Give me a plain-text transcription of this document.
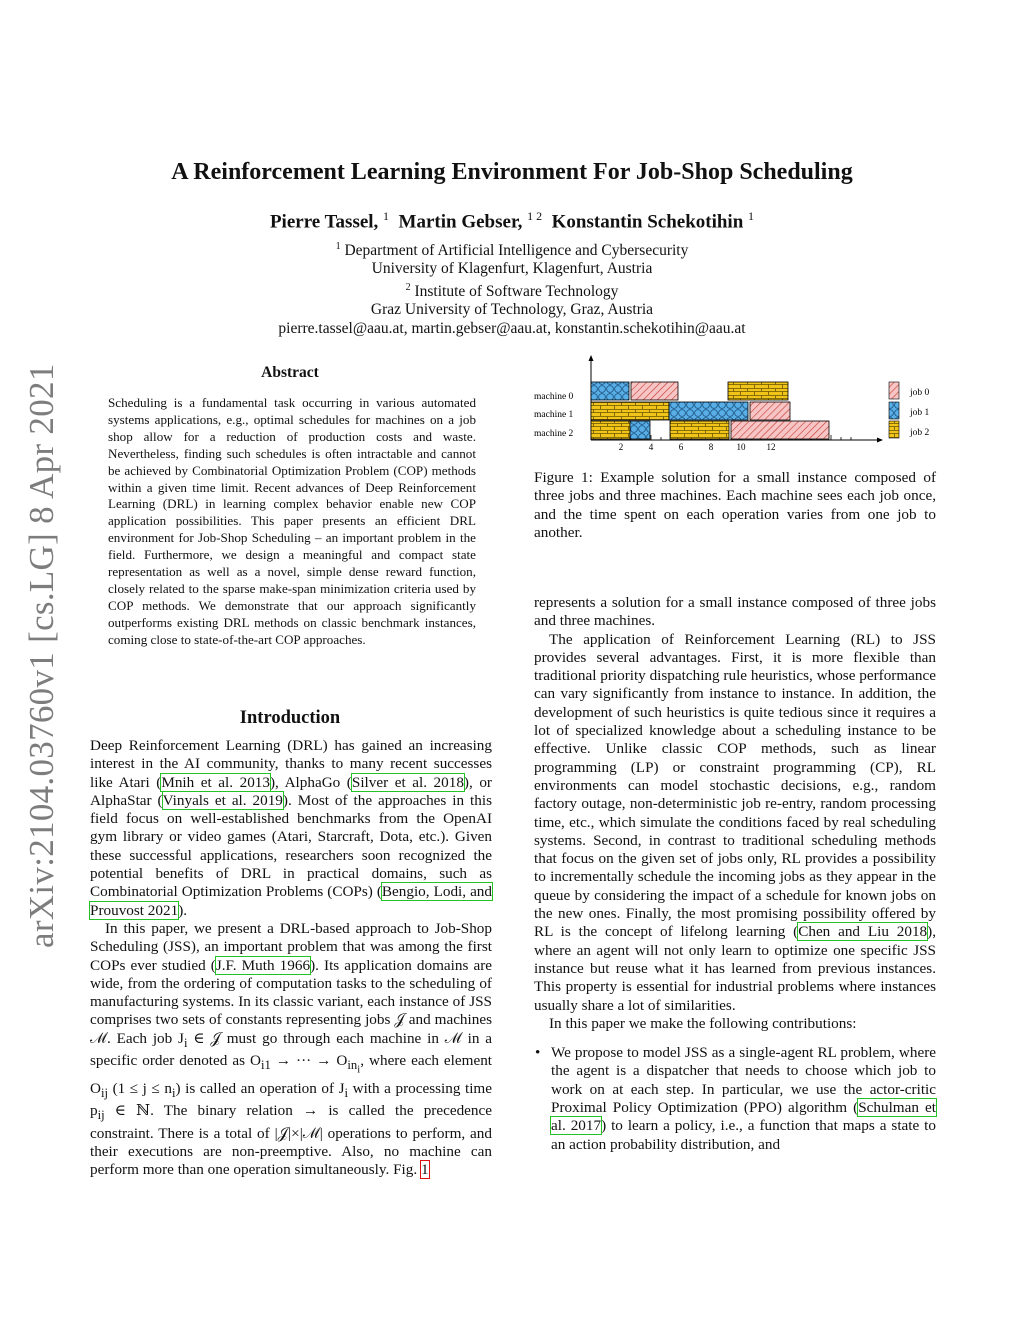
arXiv:2104.03760v1 [cs.LG] 8 Apr 2021
A Reinforcement Learning Environment For Job-Shop Scheduling
Pierre Tassel, $^1$ Martin Gebser, $^{1 2}$ Konstantin Schekotihin $^1$
$^1$ Department of Artificial Intelligence and Cybersecurity
University of Klagenfurt, Klagenfurt, Austria
$^2$ Institute of Software Technology
Graz University of Technology, Graz, Austria
pierre.tassel@aau.at, martin.gebser@aau.at, konstantin.schekotihin@aau.at
Abstract
Scheduling is a fundamental task occurring in various automated systems applications, e.g., optimal schedules for machines on a job shop allow for a reduction of production costs and waste. Nevertheless, finding such schedules is often intractable and cannot be achieved by Combinatorial Optimization Problem (COP) methods within a given time limit. Recent advances of Deep Reinforcement Learning (DRL) in learning complex behavior enable new COP application possibilities. This paper presents an efficient DRL environment for Job-Shop Scheduling – an important problem in the field. Furthermore, we design a meaningful and compact state representation as well as a novel, simple dense reward function, closely related to the sparse make-span minimization criteria used by COP methods. We demonstrate that our approach significantly outperforms existing DRL methods on classic benchmark instances, coming close to state-of-the-art COP approaches.
Introduction

Deep Reinforcement Learning (DRL) has gained an increasing interest in the AI community, thanks to many recent successes like Atari (Mnih et al. 2013), AlphaGo (Silver et al. 2018), or AlphaStar (Vinyals et al. 2019). Most of the approaches in this field focus on well-established benchmarks from the OpenAI gym library or video games (Atari, Starcraft, Dota, etc.). Given these successful applications, researchers soon recognized the potential benefits of DRL in practical domains, such as Combinatorial Optimization Problems (COPs) (Bengio, Lodi, and Prouvost 2021).

In this paper, we present a DRL-based approach to Job-Shop Scheduling (JSS), an important problem that was among the first COPs ever studied (J.F. Muth 1966). Its application domains are wide, from the ordering of computation tasks to the scheduling of manufacturing systems. In its classic variant, each instance of JSS comprises two sets of constants representing jobs 𝒥 and machines ℳ. Each job $J_i$ ∈ 𝒥 must go through each machine in ℳ in a specific order denoted as $O_{i1}$ → ··· → $O_{in_i}$, where each element $O_{ij}$ $(1 \le j \le n_i)$ is called an operation of $J_i$ with a processing time $p_{ij}$ ∈ ℕ. The binary relation → is called the precedence constraint. There is a total of |𝒥|×|ℳ| operations to perform, and their executions are non-preemptive. Also, no machine can perform more than one operation simultaneously. Fig. 1

2	4	6	8	10 12
machine 0
machine 1
machine 2
job 0
job 1
job 2
Figure 1: Example solution for a small instance composed of three jobs and three machines. Each machine sees each job once, and the time spent on each operation varies from one job to another.

represents a solution for a small instance composed of three jobs and three machines.

The application of Reinforcement Learning (RL) to JSS provides several advantages. First, it is more flexible than traditional priority dispatching rule heuristics, whose performance can vary significantly from instance to instance. In addition, the development of such heuristics is quite tedious since it requires a lot of specialized knowledge about a scheduling instance to be effective. Unlike classic COP methods, such as linear programming (LP) or constraint programming (CP), RL environments can model stochastic decisions, e.g., random factory outage, non-deterministic job re-entry, random processing time, etc., which simulate the conditions faced by real scheduling systems. Second, in contrast to traditional scheduling methods that focus on the given set of jobs only, RL provides a possibility to incrementally schedule the incoming jobs as they appear in the queue by considering the impact of a schedule for known jobs on the new ones. Finally, the most promising possibility offered by RL is the concept of lifelong learning (Chen and Liu 2018), where an agent will not only learn to optimize one specific JSS instance but reuse what it has learned from previous instances. This property is essential for industrial problems where instances usually share a lot of similarities.

In this paper we make the following contributions:

• We propose to model JSS as a single-agent RL problem, where the agent is a dispatcher that needs to choose which job to work on at each step. In particular, we use the actor-critic Proximal Policy Optimization (PPO) algorithm (Schulman et al. 2017) to learn a policy, i.e., a function that maps a state to an action probability distribution, and
